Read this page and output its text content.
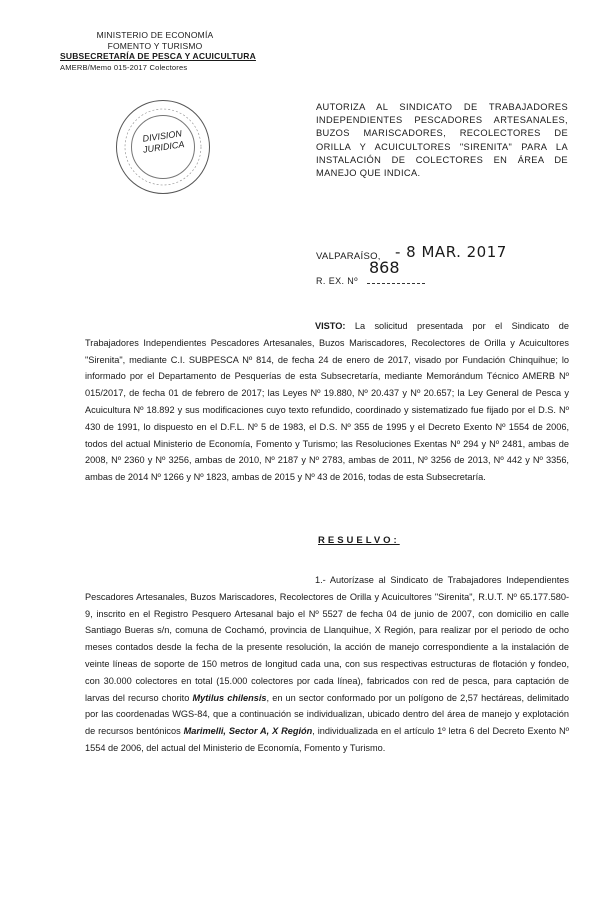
MINISTERIO DE ECONOMÍA
FOMENTO Y TURISMO
SUBSECRETARÍA DE PESCA Y ACUICULTURA
AMERB/Memo 015-2017 Colectores
DIVISION
JURIDICA
AUTORIZA AL SINDICATO DE TRABAJADORES INDEPENDIENTES PESCADORES ARTESANALES, BUZOS MARISCADORES, RECOLECTORES DE ORILLA Y ACUICULTORES "SIRENITA" PARA LA INSTALACIÓN DE COLECTORES EN ÁREA DE MANEJO QUE INDICA.
VALPARAÍSO, - 8 MAR. 2017
868
R. EX. Nº
VISTO: La solicitud presentada por el Sindicato de Trabajadores Independientes Pescadores Artesanales, Buzos Mariscadores, Recolectores de Orilla y Acuicultores "Sirenita", mediante C.I. SUBPESCA Nº 814, de fecha 24 de enero de 2017, visado por Fundación Chinquihue; lo informado por el Departamento de Pesquerías de esta Subsecretaría, mediante Memorándum Técnico AMERB Nº 015/2017, de fecha 01 de febrero de 2017; las Leyes Nº 19.880, Nº 20.437 y Nº 20.657; la Ley General de Pesca y Acuicultura Nº 18.892 y sus modificaciones cuyo texto refundido, coordinado y sistematizado fue fijado por el D.S. Nº 430 de 1991, lo dispuesto en el D.F.L. Nº 5 de 1983, el D.S. Nº 355 de 1995 y el Decreto Exento Nº 1554 de 2006, todos del actual Ministerio de Economía, Fomento y Turismo; las Resoluciones Exentas Nº 294 y Nº 2481, ambas de 2008, Nº 2360 y Nº 3256, ambas de 2010, Nº 2187 y Nº 2783, ambas de 2011, Nº 3256 de 2013, Nº 442 y Nº 3356, ambas de 2014 Nº 1266 y Nº 1823, ambas de 2015 y Nº 43 de 2016, todas de esta Subsecretaría.
RESUELVO:
1.- Autorízase al Sindicato de Trabajadores Independientes Pescadores Artesanales, Buzos Mariscadores, Recolectores de Orilla y Acuicultores "Sirenita", R.U.T. Nº 65.177.580-9, inscrito en el Registro Pesquero Artesanal bajo el Nº 5527 de fecha 04 de junio de 2007, con domicilio en calle Santiago Bueras s/n, comuna de Cochamó, provincia de Llanquihue, X Región, para realizar por el periodo de ocho meses contados desde la fecha de la presente resolución, la acción de manejo correspondiente a la instalación de veinte líneas de soporte de 150 metros de longitud cada una, con sus respectivas estructuras de flotación y fondeo, con 30.000 colectores en total (15.000 colectores por cada línea), fabricados con red de pesca, para captación de larvas del recurso chorito Mytilus chilensis, en un sector conformado por un polígono de 2,57 hectáreas, delimitado por las coordenadas WGS-84, que a continuación se individualizan, ubicado dentro del área de manejo y explotación de recursos bentónicos Marimelli, Sector A, X Región, individualizada en el artículo 1º letra 6 del Decreto Exento Nº 1554 de 2006, del actual del Ministerio de Economía, Fomento y Turismo.
